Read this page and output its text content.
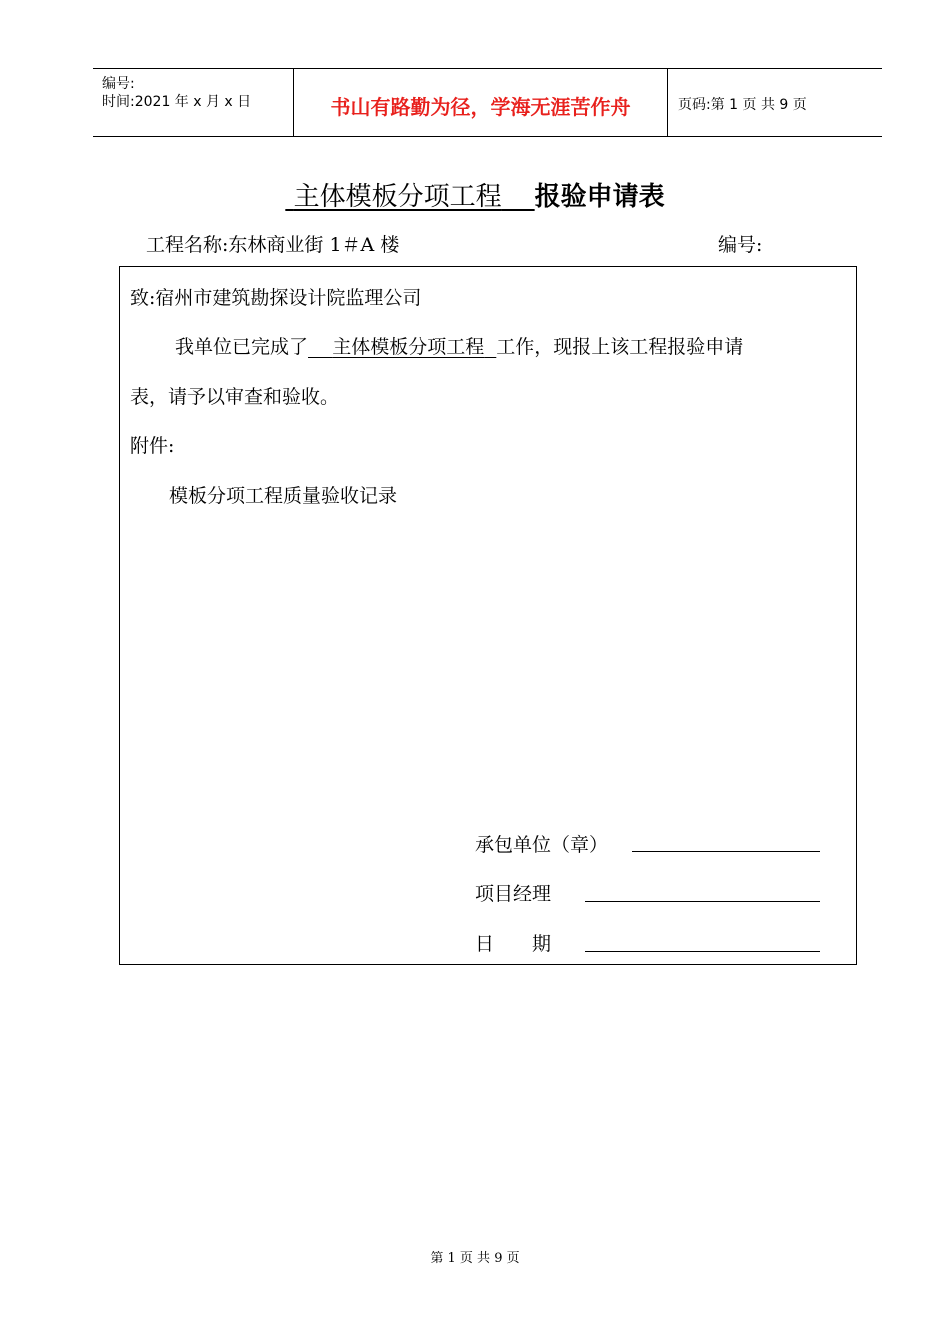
编号:
时间:2021 年 x 月 x 日	书山有路勤为径，学海无涯苦作舟	页码:第 1 页 共 9 页
主体模板分项工程 报验申请表
工程名称:东林商业街 1＃A 楼	编号:
致:宿州市建筑勘探设计院监理公司
我单位已完成了 主体模板分项工程 工作，现报上该工程报验申请
表，请予以审查和验收。
附件:
模板分项工程质量验收记录
承包单位（章）
项目经理
日　　期
第 1 页 共 9 页
